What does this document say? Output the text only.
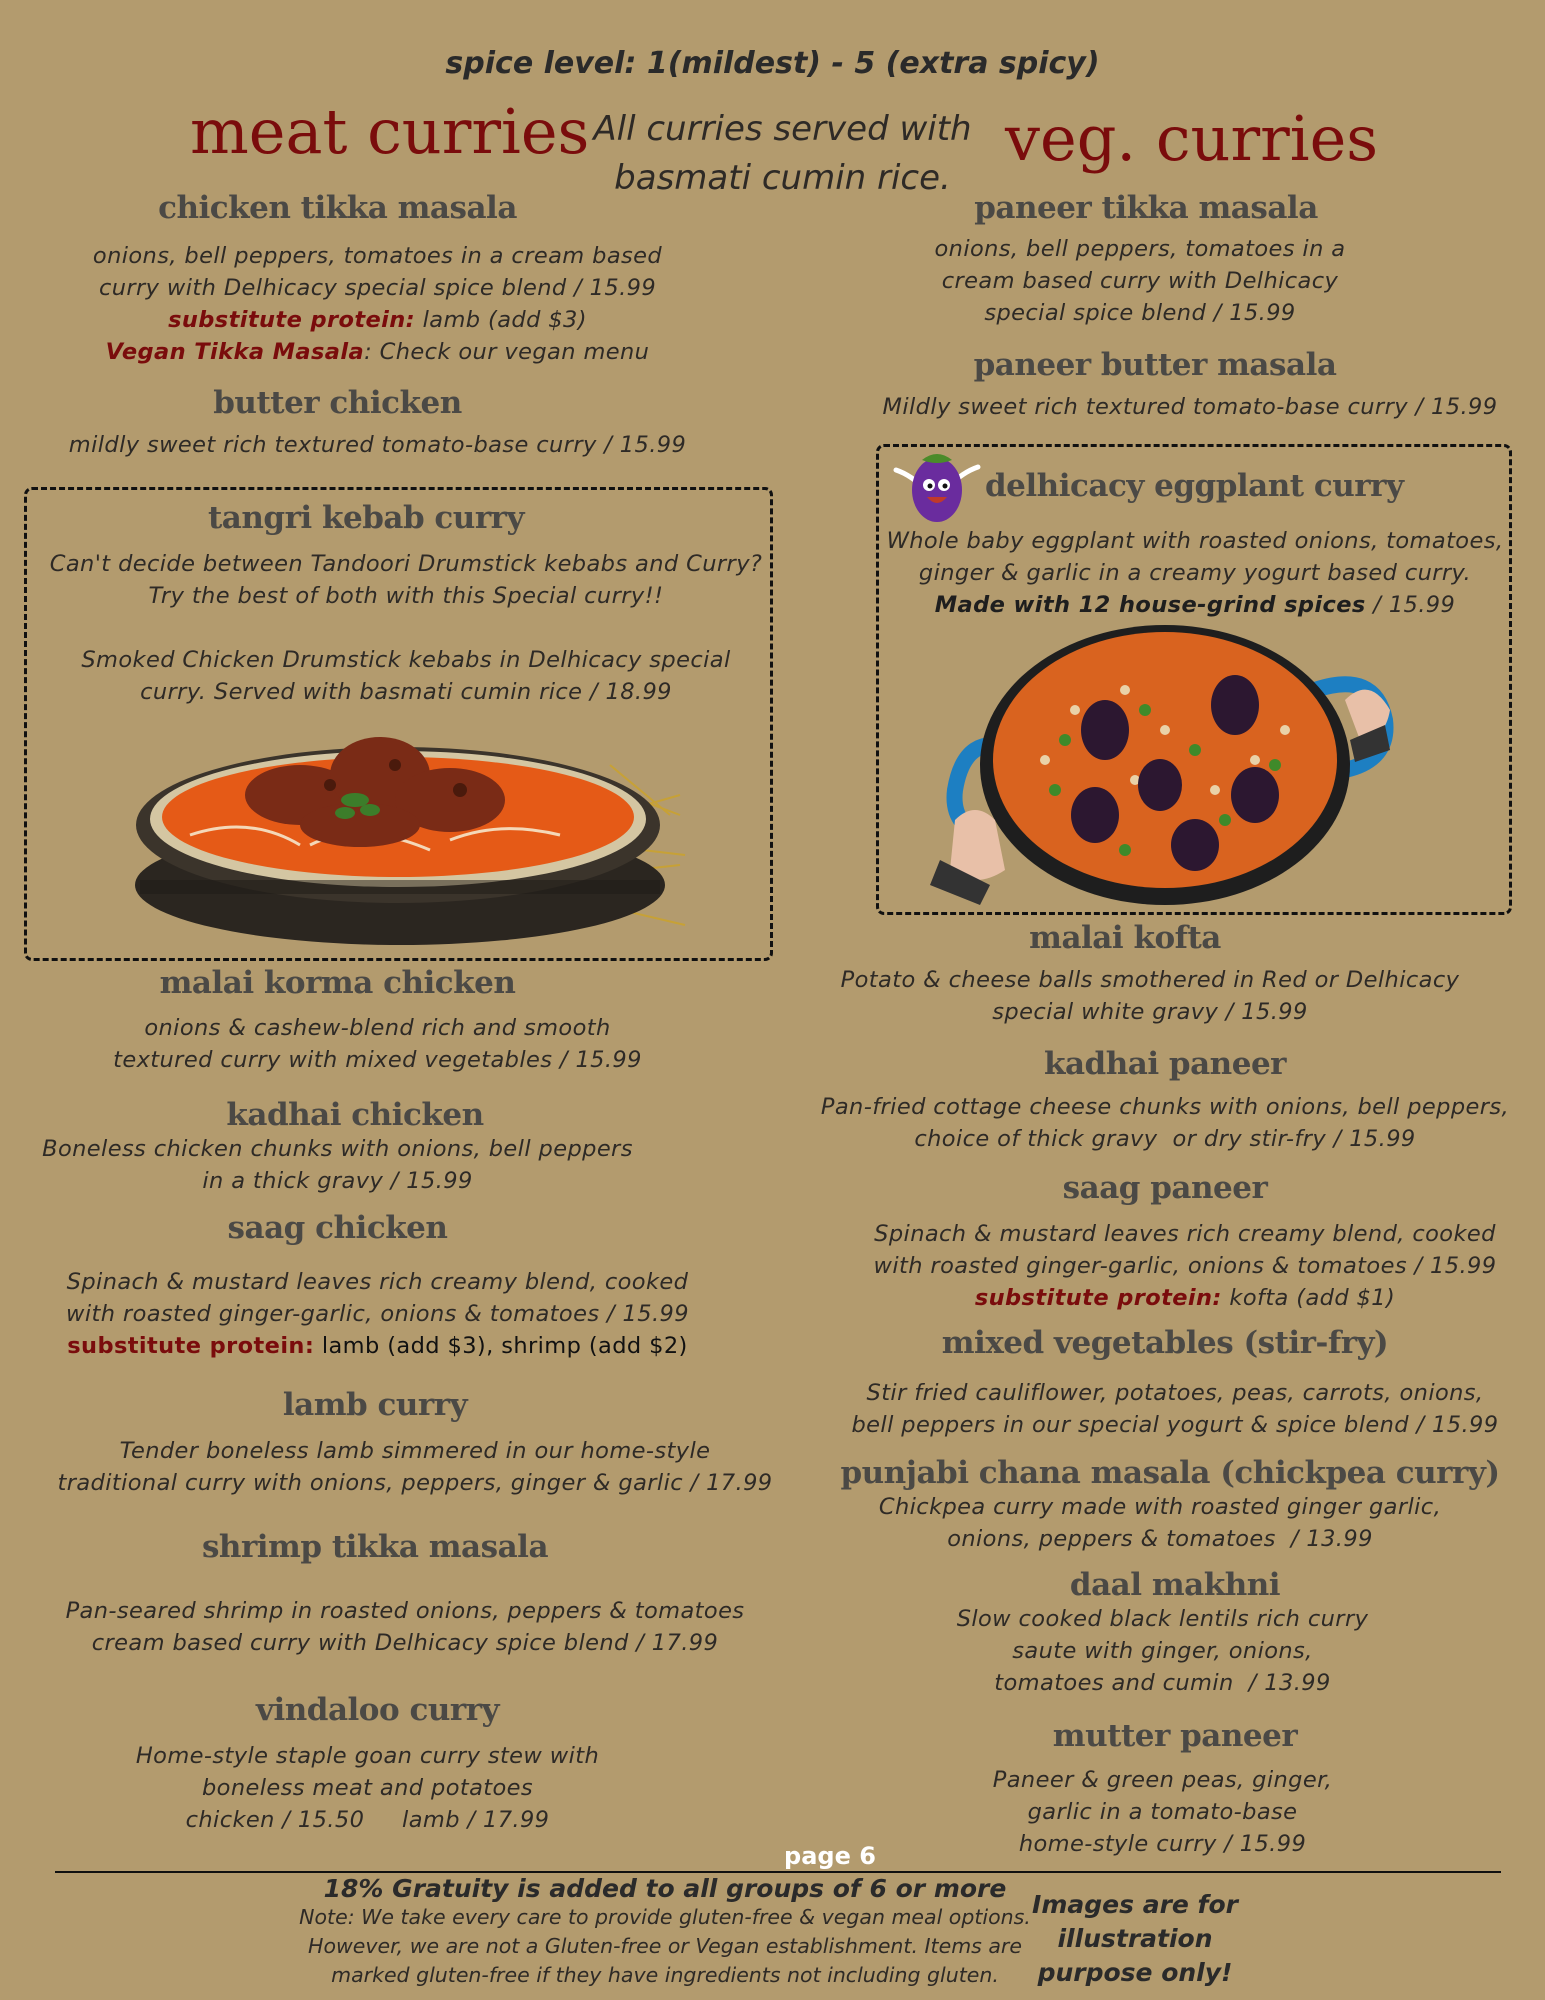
spice level: 1(mildest) - 5 (extra spicy)
meat curries	veg. curries
All curries served with
basmati cumin rice.
chicken tikka masala
onions, bell peppers, tomatoes in a cream based
curry with Delhicacy special spice blend / 15.99
substitute protein: lamb (add $3)
Vegan Tikka Masala: Check our vegan menu
butter chicken
mildly sweet rich textured tomato-base curry / 15.99
tangri kebab curry
Can't decide between Tandoori Drumstick kebabs and Curry?
Try the best of both with this Special curry!!
Smoked Chicken Drumstick kebabs in Delhicacy special
curry. Served with basmati cumin rice / 18.99
malai korma chicken
onions & cashew-blend rich and smooth
textured curry with mixed vegetables / 15.99
kadhai chicken
Boneless chicken chunks with onions, bell peppers
in a thick gravy / 15.99
saag chicken
Spinach & mustard leaves rich creamy blend, cooked
with roasted ginger-garlic, onions & tomatoes / 15.99
substitute protein: lamb (add $3), shrimp (add $2)
lamb curry
Tender boneless lamb simmered in our home-style
traditional curry with onions, peppers, ginger & garlic / 17.99
shrimp tikka masala
Pan-seared shrimp in roasted onions, peppers & tomatoes
cream based curry with Delhicacy spice blend / 17.99
vindaloo curry
Home-style staple goan curry stew with
boneless meat and potatoes
chicken / 15.50     lamb / 17.99
paneer tikka masala
onions, bell peppers, tomatoes in a
cream based curry with Delhicacy
special spice blend / 15.99
paneer butter masala
Mildly sweet rich textured tomato-base curry / 15.99
delhicacy eggplant curry
Whole baby eggplant with roasted onions, tomatoes,
ginger & garlic in a creamy yogurt based curry.
Made with 12 house-grind spices / 15.99
malai kofta
Potato & cheese balls smothered in Red or Delhicacy
special white gravy / 15.99
kadhai paneer
Pan-fried cottage cheese chunks with onions, bell peppers,
choice of thick gravy  or dry stir-fry / 15.99
saag paneer
Spinach & mustard leaves rich creamy blend, cooked
with roasted ginger-garlic, onions & tomatoes / 15.99
substitute protein: kofta (add $1)
mixed vegetables (stir-fry)
Stir fried cauliflower, potatoes, peas, carrots, onions,
bell peppers in our special yogurt & spice blend / 15.99
punjabi chana masala (chickpea curry)
Chickpea curry made with roasted ginger garlic,
onions, peppers & tomatoes  / 13.99
daal makhni
Slow cooked black lentils rich curry
saute with ginger, onions,
tomatoes and cumin  / 13.99
mutter paneer
Paneer & green peas, ginger,
garlic in a tomato-base
home-style curry / 15.99
page 6
18% Gratuity is added to all groups of 6 or more
Note: We take every care to provide gluten-free & vegan meal options.
However, we are not a Gluten-free or Vegan establishment. Items are
marked gluten-free if they have ingredients not including gluten.
Images are for
illustration
purpose only!
